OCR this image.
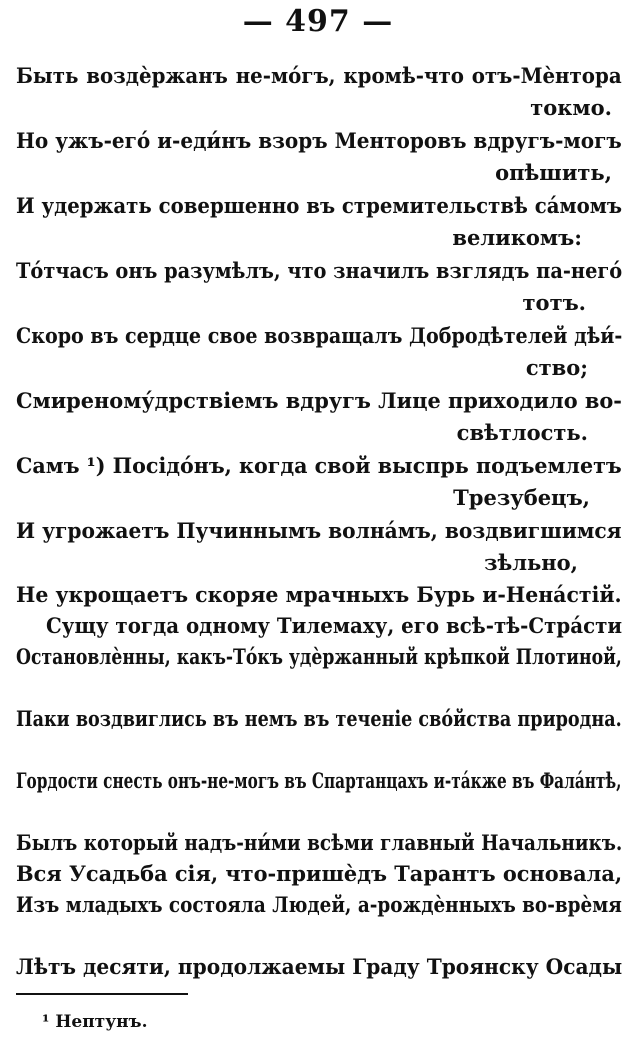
— 497 —
Быть воздѐржанъ не-мо́гъ, кромѣ-что отъ-Мѐнтора
токмо.
Но ужъ-его́ и-еди́нъ взоръ Менторовъ вдругъ-могъ
опѣшить,
И удержать совершенно въ стремительствѣ са́момъ
великомъ:
То́тчасъ онъ разумѣлъ, что значилъ взглядъ па-него́
тотъ.
Скоро въ сердце свое возвращалъ Добродѣтелей дѣи́-
ство;
Смиреному́дрствіемъ вдругъ Лице приходило во-
свѣтлость.
Самъ ¹) Посідо́нъ, когда свой выспрь подъемлетъ
Трезубецъ,
И угрожаетъ Пучиннымъ волна́мъ, воздвигшимся
зѣльно,
Не укрощаетъ скоряе мрачныхъ Бурь и-Нена́стій.
Сущу тогда одному Тилемаху, его всѣ-тѣ-Стра́сти
Остановлѐнны, какъ-То́къ удѐржанный крѣпкой Плотиной,
Паки воздвиглись въ немъ въ теченіе сво́йства природна.
Гордости снесть онъ-не-могъ въ Спартанцахъ и-та́кже въ Фала́нтѣ,
Былъ который надъ-ни́ми всѣми главный Начальникъ.
Вся Усадьба сія, что-пришѐдъ Тарантъ основала,
Изъ младыхъ состояла Людей, а-рождѐнныхъ во-врѐмя
Лѣтъ десяти, продолжаемы Граду Троянску Осады
¹ Нептунъ.
